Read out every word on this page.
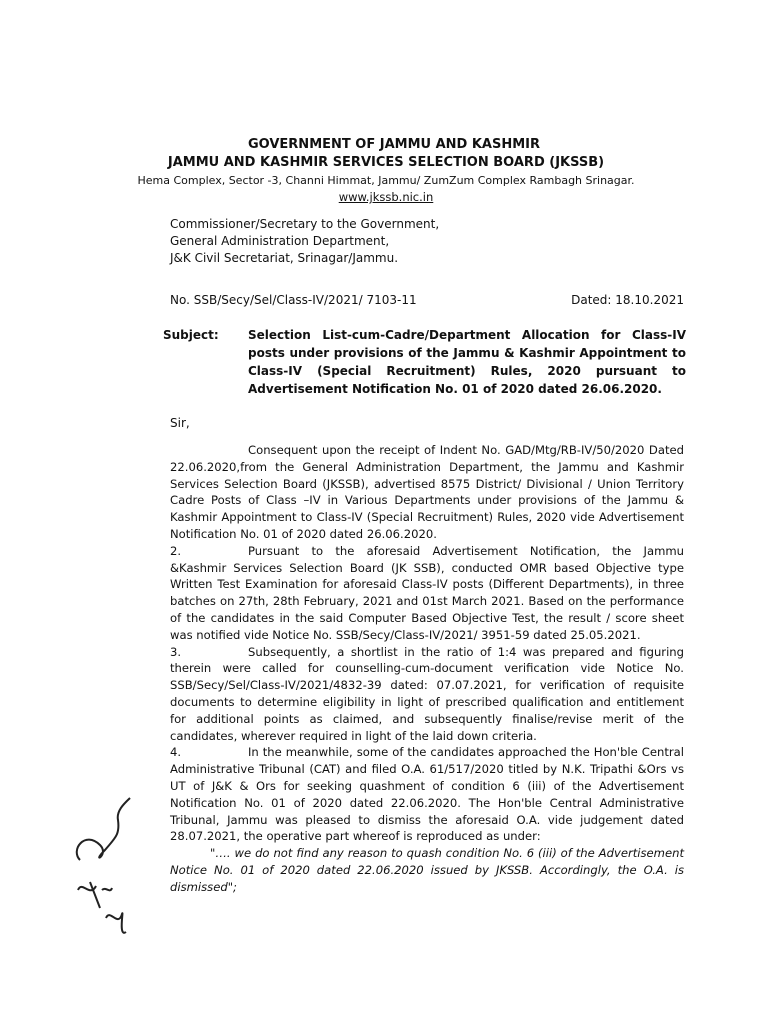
GOVERNMENT OF JAMMU AND KASHMIR
JAMMU AND KASHMIR SERVICES SELECTION BOARD (JKSSB)
Hema Complex, Sector -3, Channi Himmat, Jammu/ ZumZum Complex Rambagh Srinagar.
www.jkssb.nic.in
Commissioner/Secretary to the Government,
General Administration Department,
J&K Civil Secretariat, Srinagar/Jammu.
No. SSB/Secy/Sel/Class-IV/2021/ 7103-11	Dated: 18.10.2021
Subject: Selection List-cum-Cadre/Department Allocation for Class-IV posts under provisions of the Jammu & Kashmir Appointment to Class-IV (Special Recruitment) Rules, 2020 pursuant to Advertisement Notification No. 01 of 2020 dated 26.06.2020.
Sir,

Consequent upon the receipt of Indent No. GAD/Mtg/RB-IV/50/2020 Dated 22.06.2020,from the General Administration Department, the Jammu and Kashmir Services Selection Board (JKSSB), advertised 8575 District/ Divisional / Union Territory Cadre Posts of Class –IV in Various Departments under provisions of the Jammu & Kashmir Appointment to Class-IV (Special Recruitment) Rules, 2020 vide Advertisement Notification No. 01 of 2020 dated 26.06.2020.

2.	Pursuant to the aforesaid Advertisement Notification, the Jammu &Kashmir Services Selection Board (JK SSB), conducted OMR based Objective type Written Test Examination for aforesaid Class-IV posts (Different Departments), in three batches on 27th, 28th February, 2021 and 01st March 2021. Based on the performance of the candidates in the said Computer Based Objective Test, the result / score sheet was notified vide Notice No. SSB/Secy/Class-IV/2021/ 3951-59 dated 25.05.2021.

3.	Subsequently, a shortlist in the ratio of 1:4 was prepared and figuring therein were called for counselling-cum-document verification vide Notice No. SSB/Secy/Sel/Class-IV/2021/4832-39 dated: 07.07.2021, for verification of requisite documents to determine eligibility in light of prescribed qualification and entitlement for additional points as claimed, and subsequently finalise/revise merit of the candidates, wherever required in light of the laid down criteria.

4.	In the meanwhile, some of the candidates approached the Hon'ble Central Administrative Tribunal (CAT) and filed O.A. 61/517/2020 titled by N.K. Tripathi &Ors vs UT of J&K & Ors for seeking quashment of condition 6 (iii) of the Advertisement Notification No. 01 of 2020 dated 22.06.2020. The Hon'ble Central Administrative Tribunal, Jammu was pleased to dismiss the aforesaid O.A. vide judgement dated 28.07.2021, the operative part whereof is reproduced as under:

"…. we do not find any reason to quash condition No. 6 (iii) of the Advertisement Notice No. 01 of 2020 dated 22.06.2020 issued by JKSSB. Accordingly, the O.A. is dismissed";
